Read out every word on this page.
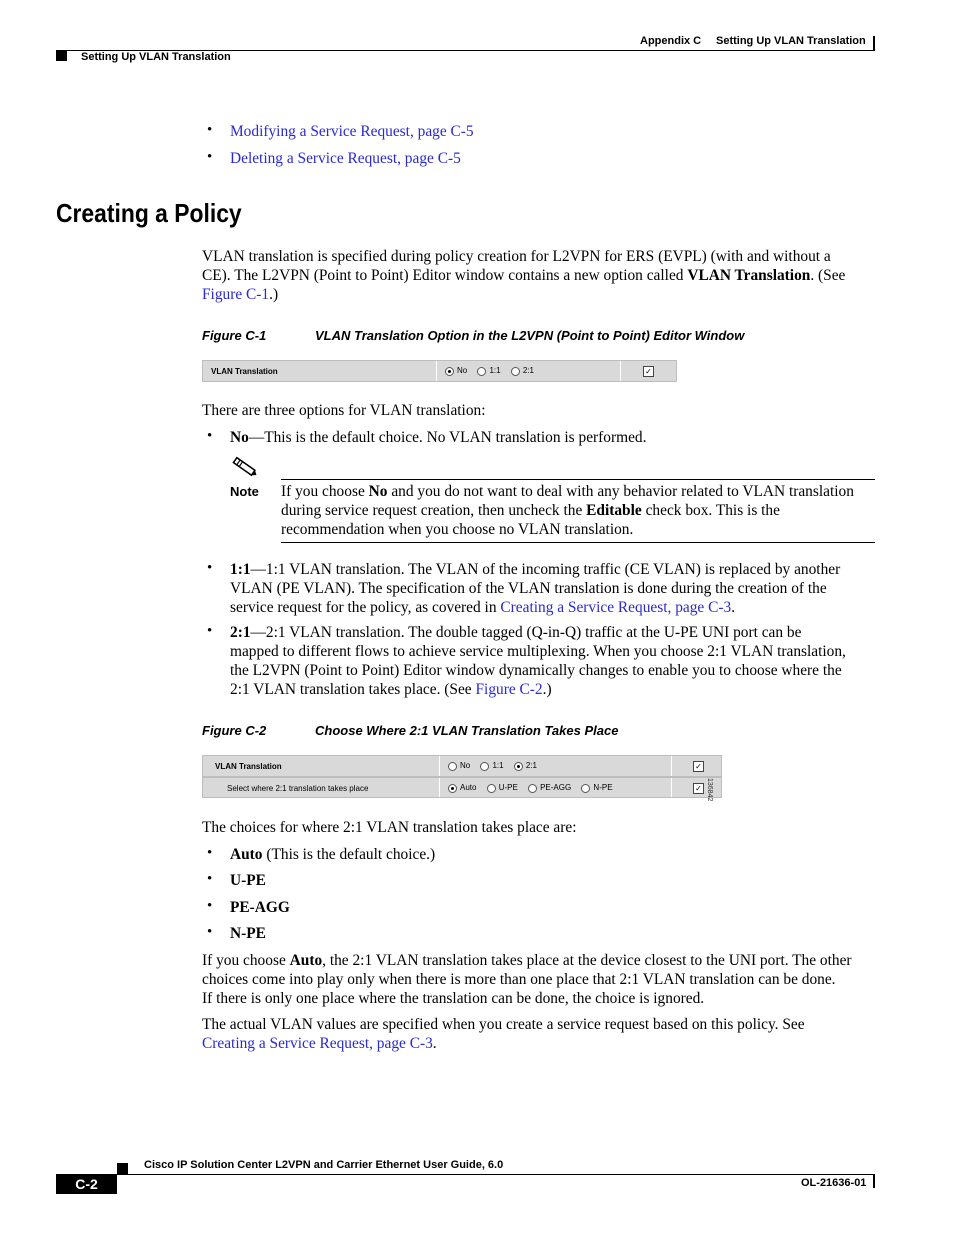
Appendix C Setting Up VLAN Translation
Setting Up VLAN Translation
• Modifying a Service Request, page C-5
• Deleting a Service Request, page C-5
Creating a Policy
VLAN translation is specified during policy creation for L2VPN for ERS (EVPL) (with and without a
CE). The L2VPN (Point to Point) Editor window contains a new option called VLAN Translation. (See
Figure C-1.)
Figure C-1	VLAN Translation Option in the L2VPN (Point to Point) Editor Window
VLAN Translation	No	1:1	2:1	✓
There are three options for VLAN translation:
• No—This is the default choice. No VLAN translation is performed.
Note If you choose No and you do not want to deal with any behavior related to VLAN translation
during service request creation, then uncheck the Editable check box. This is the
recommendation when you choose no VLAN translation.
• 1:1—1:1 VLAN translation. The VLAN of the incoming traffic (CE VLAN) is replaced by another
VLAN (PE VLAN). The specification of the VLAN translation is done during the creation of the
service request for the policy, as covered in Creating a Service Request, page C-3.
• 2:1—2:1 VLAN translation. The double tagged (Q-in-Q) traffic at the U-PE UNI port can be
mapped to different flows to achieve service multiplexing. When you choose 2:1 VLAN translation,
the L2VPN (Point to Point) Editor window dynamically changes to enable you to choose where the
2:1 VLAN translation takes place. (See Figure C-2.)
Figure C-2	Choose Where 2:1 VLAN Translation Takes Place
VLAN Translation	No	1:1	2:1	✓
Select where 2:1 translation takes place	Auto	U-PE	PE-AGG	N-PE	✓ 136842
The choices for where 2:1 VLAN translation takes place are:
• Auto (This is the default choice.)
• U-PE
• PE-AGG
• N-PE
If you choose Auto, the 2:1 VLAN translation takes place at the device closest to the UNI port. The other
choices come into play only when there is more than one place that 2:1 VLAN translation can be done.
If there is only one place where the translation can be done, the choice is ignored.
The actual VLAN values are specified when you create a service request based on this policy. See
Creating a Service Request, page C-3.
Cisco IP Solution Center L2VPN and Carrier Ethernet User Guide, 6.0
C-2	OL-21636-01
